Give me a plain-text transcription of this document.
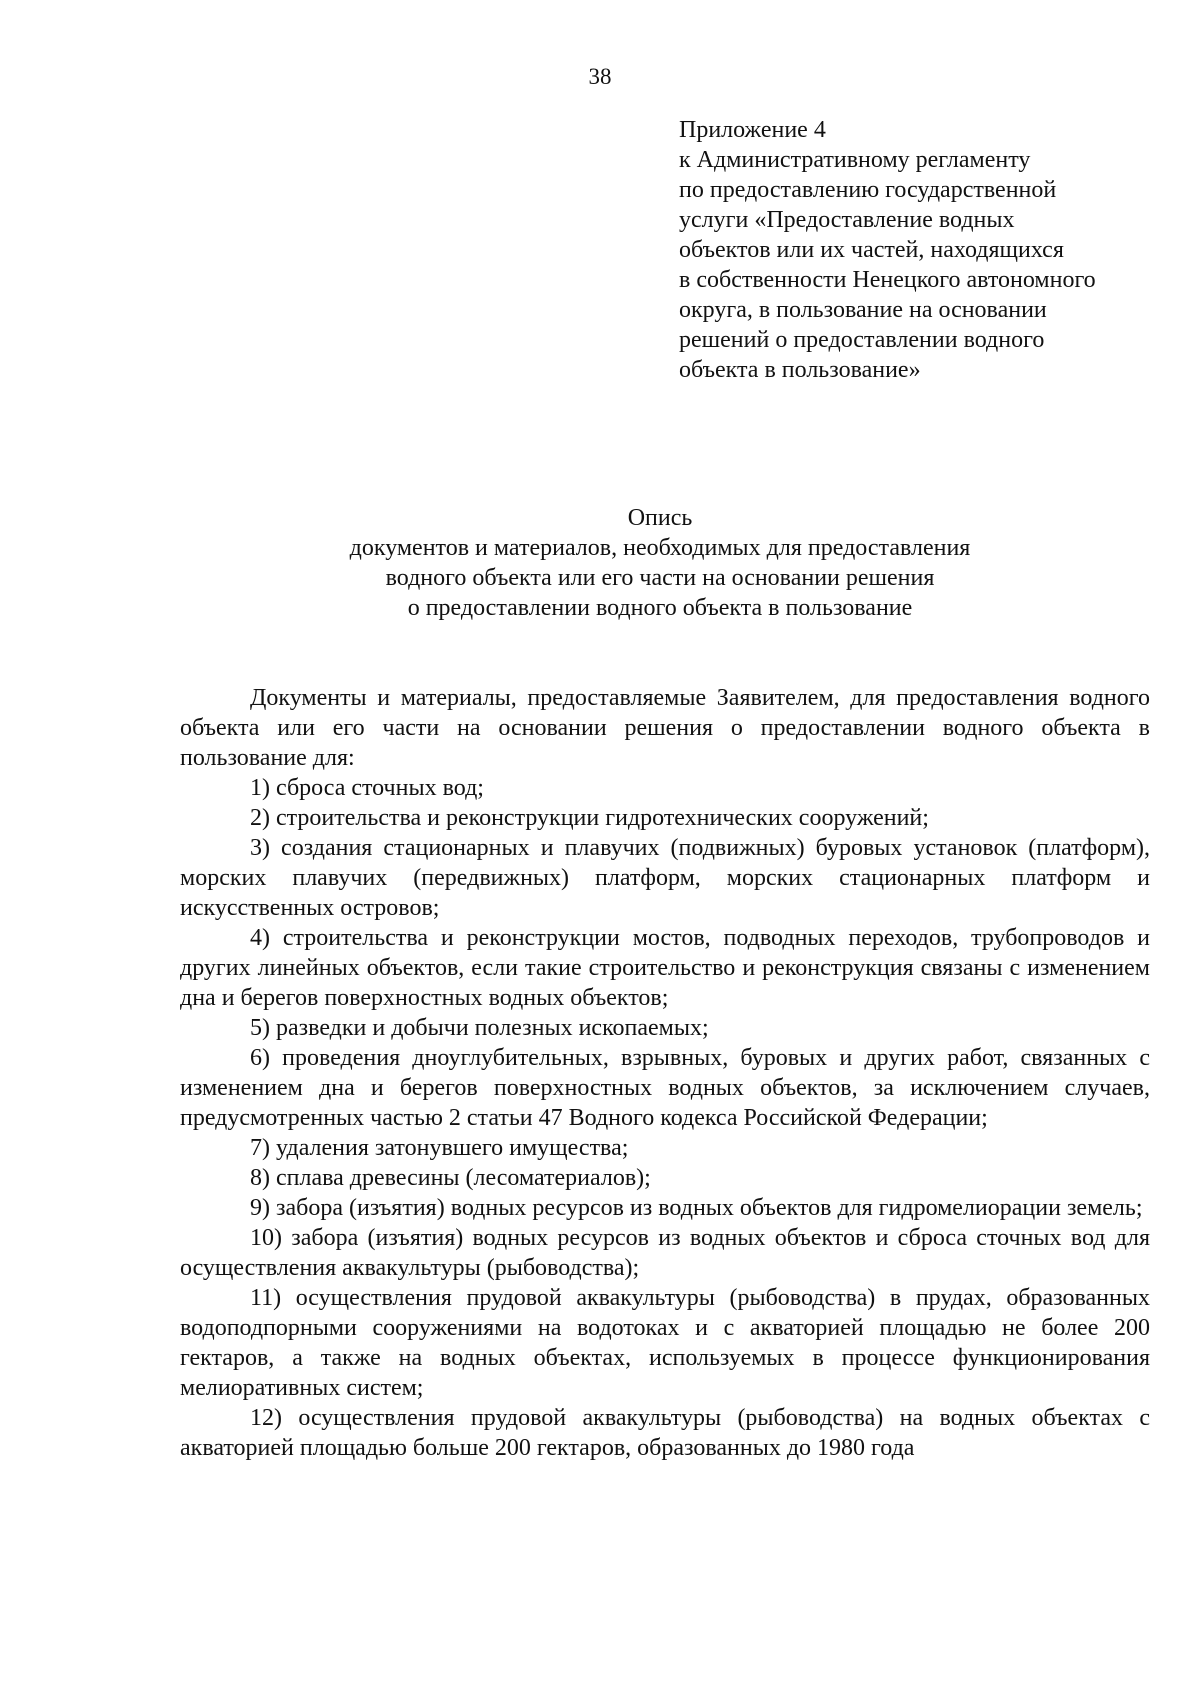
38
Приложение 4
к Административному регламенту
по предоставлению государственной
услуги «Предоставление водных
объектов или их частей, находящихся
в собственности Ненецкого автономного
округа, в пользование на основании
решений о предоставлении водного
объекта в пользование»
Опись
документов и материалов, необходимых для предоставления
водного объекта или его части на основании решения
о предоставлении водного объекта в пользование

Документы и материалы, предоставляемые Заявителем, для предоставления водного объекта или его части на основании решения о предоставлении водного объекта в пользование для:

1) сброса сточных вод;

2) строительства и реконструкции гидротехнических сооружений;

3) создания стационарных и плавучих (подвижных) буровых установок (платформ), морских плавучих (передвижных) платформ, морских стационарных платформ и искусственных островов;

4) строительства и реконструкции мостов, подводных переходов, трубопроводов и других линейных объектов, если такие строительство и реконструкция связаны с изменением дна и берегов поверхностных водных объектов;

5) разведки и добычи полезных ископаемых;

6) проведения дноуглубительных, взрывных, буровых и других работ, связанных с изменением дна и берегов поверхностных водных объектов, за исключением случаев, предусмотренных частью 2 статьи 47 Водного кодекса Российской Федерации;

7) удаления затонувшего имущества;

8) сплава древесины (лесоматериалов);

9) забора (изъятия) водных ресурсов из водных объектов для гидромелиорации земель;

10) забора (изъятия) водных ресурсов из водных объектов и сброса сточных вод для осуществления аквакультуры (рыбоводства);

11) осуществления прудовой аквакультуры (рыбоводства) в прудах, образованных водоподпорными сооружениями на водотоках и с акваторией площадью не более 200 гектаров, а также на водных объектах, используемых в процессе функционирования мелиоративных систем;

12) осуществления прудовой аквакультуры (рыбоводства) на водных объектах с акваторией площадью больше 200 гектаров, образованных до 1980 года
